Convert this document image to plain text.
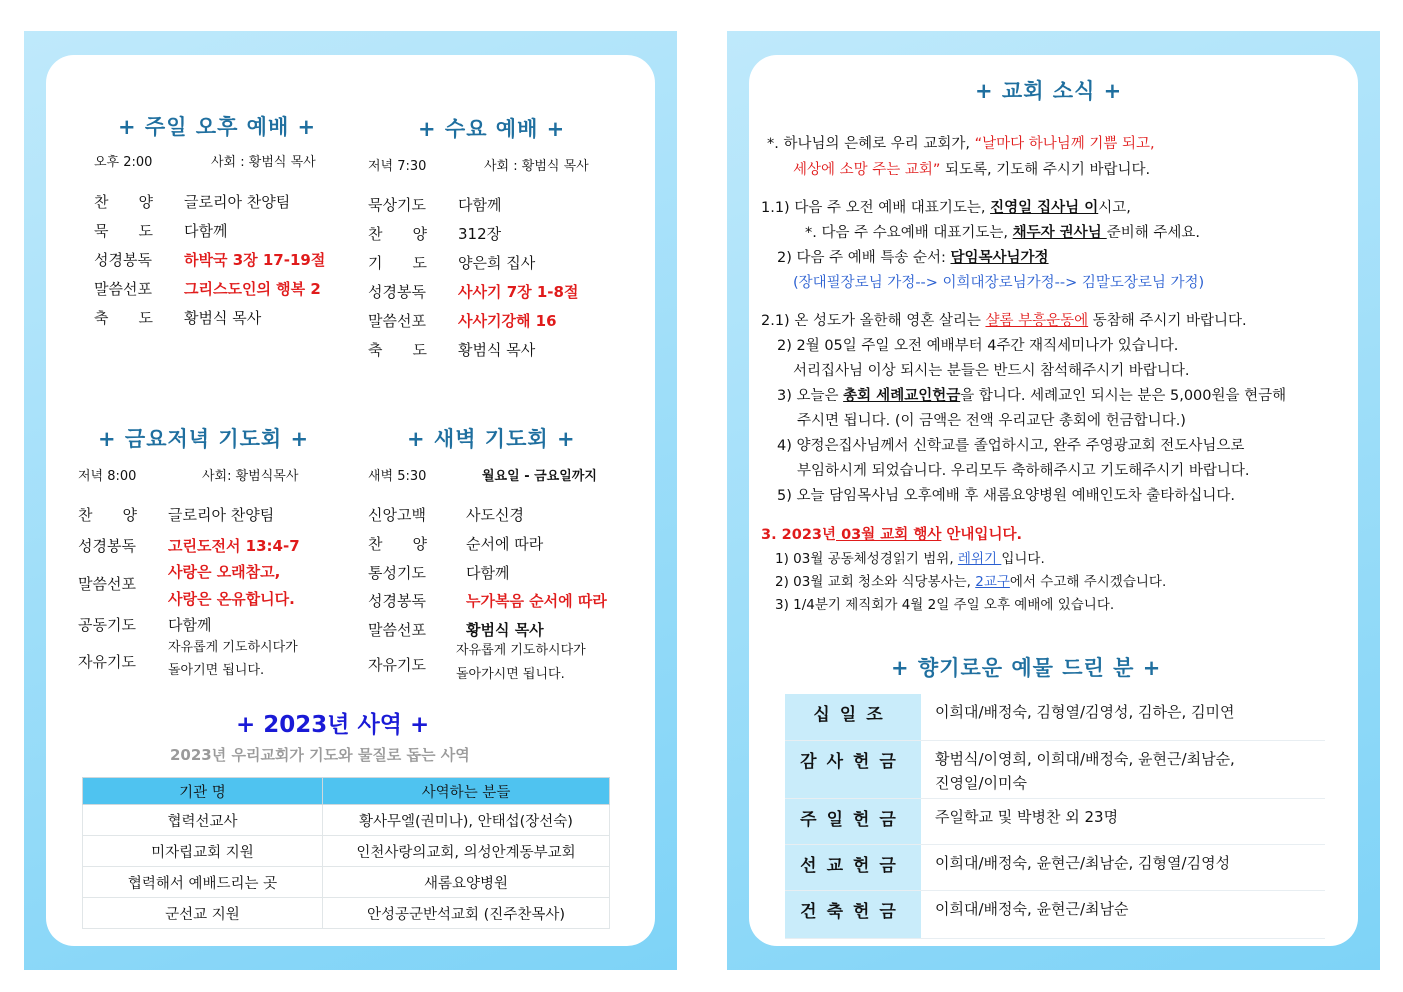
+ 주일 오후 예배 +
오후 2:00	사회 : 황범식 목사
찬　　양	글로리아 찬양팀
묵　　도	다함께
성경봉독	하박국 3장 17-19절
말씀선포	그리스도인의 행복 2
축　　도	황범식 목사
+ 수요 예배 +
저녁 7:30	사회 : 황범식 목사
묵상기도	다함께
찬　　양	312장
기　　도	양은희 집사
성경봉독	사사기 7장 1-8절
말씀선포	사사기강해 16
축　　도	황범식 목사
+ 금요저녁 기도회 +
저녁 8:00	사회: 황범식목사
찬　　양	글로리아 찬양팀
성경봉독	고린도전서 13:4-7
말씀선포
사랑은 오래참고,
사랑은 온유합니다.
공동기도	다함께
자유기도
자유롭게 기도하시다가
돌아기면 됩니다.
+ 새벽 기도회 +
새벽 5:30	월요일 - 금요일까지
신앙고백	사도신경
찬　　양	순서에 따라
통성기도	다함께
성경봉독	누가복음 순서에 따라
말씀선포	황범식 목사
자유기도
자유롭게 기도하시다가
돌아가시면 됩니다.
+ 2023년 사역 +
2023년 우리교회가 기도와 물질로 돕는 사역
기관 명	사역하는 분들
협력선교사	황사무엘(권미나), 안태섭(장선숙)
미자립교회 지원	인천사랑의교회, 의성안계동부교회
협력해서 예배드리는 곳	새롬요양병원
군선교 지원	안성공군반석교회 (진주찬목사)
+ 교회 소식 +
*. 하나님의 은혜로 우리 교회가, “날마다 하나님께 기쁨 되고,
세상에 소망 주는 교회” 되도록, 기도해 주시기 바랍니다.
1.1) 다음 주 오전 예배 대표기도는, 진영일 집사님 이시고,
*. 다음 주 수요예배 대표기도는, 채두자 권사님 준비해 주세요.
2) 다음 주 예배 특송 순서: 담임목사님가정
(장대필장로님 가정--> 이희대장로님가정--> 김말도장로님 가정)
2.1) 온 성도가 올한해 영혼 살리는 샬롬 부흥운동에 동참해 주시기 바랍니다.
2) 2월 05일 주일 오전 예배부터 4주간 재직세미나가 있습니다.
서리집사님 이상 되시는 분들은 반드시 참석해주시기 바랍니다.
3) 오늘은 총회 세례교인헌금을 합니다. 세례교인 되시는 분은 5,000원을 현금해
주시면 됩니다. (이 금액은 전액 우리교단 총회에 헌금합니다.)
4) 양정은집사님께서 신학교를 졸업하시고, 완주 주영광교회 전도사님으로
부임하시게 되었습니다. 우리모두 축하해주시고 기도해주시기 바랍니다.
5) 오늘 담임목사님 오후예배 후 새롬요양병원 예배인도차 출타하십니다.
3. 2023년 03월 교회 행사 안내입니다.
1) 03월 공동체성경읽기 범위, 레위기 입니다.
2) 03월 교회 청소와 식당봉사는, 2교구에서 수고해 주시겠습니다.
3) 1/4분기 제직회가 4월 2일 주일 오후 예배에 있습니다.
+ 향기로운 예물 드린 분 +
십일조	이희대/배정숙, 김형열/김영성, 김하은, 김미연

감사헌금	황범식/이영희, 이희대/배정숙, 윤현근/최남순,
진영일/이미숙

주일헌금	주일학교 및 박병찬 외 23명

선교헌금	이희대/배정숙, 윤현근/최남순, 김형열/김영성

건축헌금	이희대/배정숙, 윤현근/최남순
